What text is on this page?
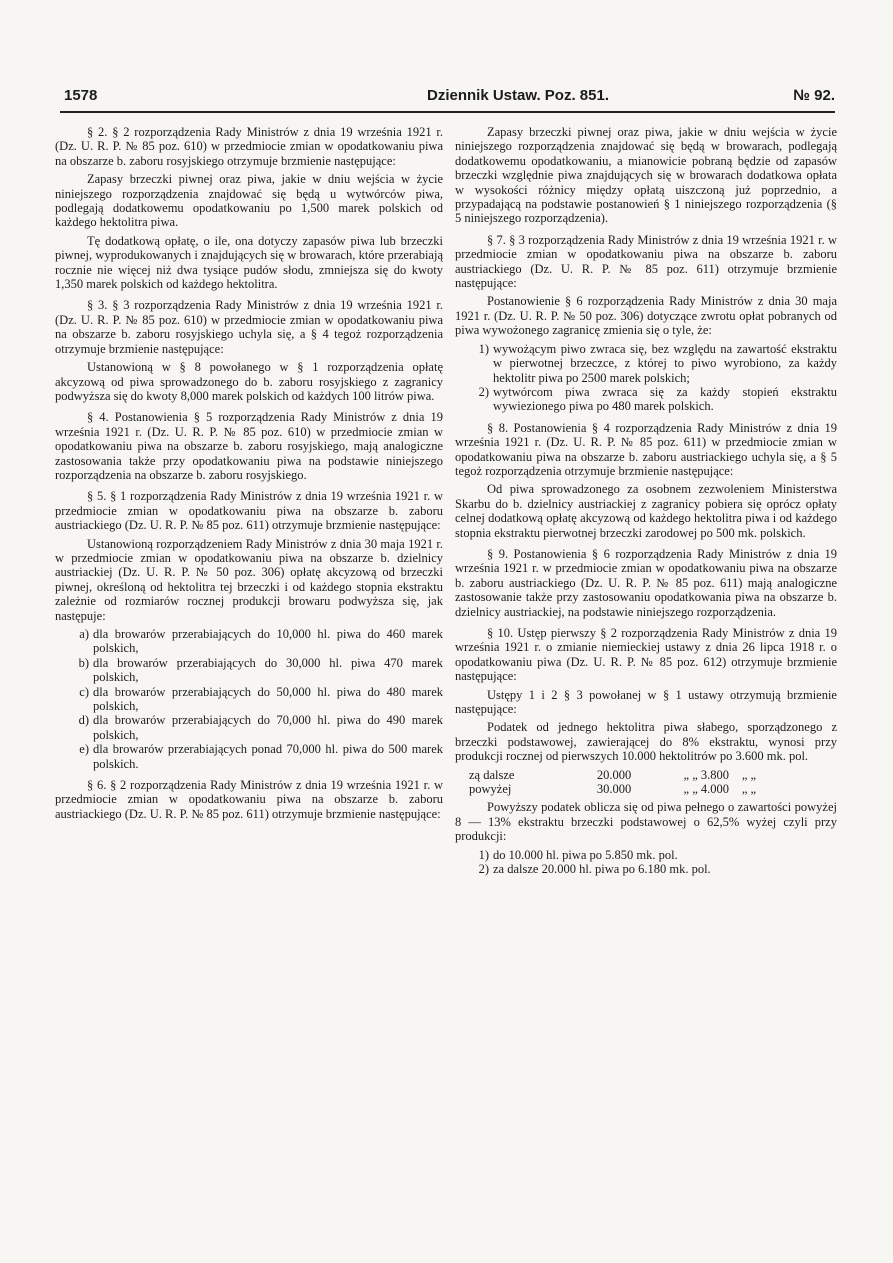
1578	Dziennik Ustaw. Poz. 851.	№ 92.

§ 2. § 2 rozporządzenia Rady Ministrów z dnia 19 września 1921 r. (Dz. U. R. P. № 85 poz. 610) w przedmiocie zmian w opodatkowaniu piwa na obszarze b. zaboru rosyjskiego otrzymuje brzmienie następujące:

Zapasy brzeczki piwnej oraz piwa, jakie w dniu wejścia w życie niniejszego rozporządzenia znajdować się będą u wytwórców piwa, podlegają dodatkowemu opodatkowaniu po 1,500 marek polskich od każdego hektolitra piwa.

Tę dodatkową opłatę, o ile, ona dotyczy zapasów piwa lub brzeczki piwnej, wyprodukowanych i znajdujących się w browarach, które przerabiają rocznie nie więcej niż dwa tysiące pudów słodu, zmniejsza się do kwoty 1,350 marek polskich od każdego hektolitra.

§ 3. § 3 rozporządzenia Rady Ministrów z dnia 19 września 1921 r. (Dz. U. R. P. № 85 poz. 610) w przedmiocie zmian w opodatkowaniu piwa na obszarze b. zaboru rosyjskiego uchyla się, a § 4 tegoż rozporządzenia otrzymuje brzmienie następujące:

Ustanowioną w § 8 powołanego w § 1 rozporządzenia opłatę akcyzową od piwa sprowadzonego do b. zaboru rosyjskiego z zagranicy podwyższa się do kwoty 8,000 marek polskich od każdych 100 litrów piwa.

§ 4. Postanowienia § 5 rozporządzenia Rady Ministrów z dnia 19 września 1921 r. (Dz. U. R. P. № 85 poz. 610) w przedmiocie zmian w opodatkowaniu piwa na obszarze b. zaboru rosyjskiego, mają analogiczne zastosowania także przy opodatkowaniu piwa na podstawie niniejszego rozporządzenia na obszarze b. zaboru rosyjskiego.

§ 5. § 1 rozporządzenia Rady Ministrów z dnia 19 września 1921 r. w przedmiocie zmian w opodatkowaniu piwa na obszarze b. zaboru austriackiego (Dz. U. R. P. № 85 poz. 611) otrzymuje brzmienie następujące:

Ustanowioną rozporządzeniem Rady Ministrów z dnia 30 maja 1921 r. w przedmiocie zmian w opodatkowaniu piwa na obszarze b. dzielnicy austriackiej (Dz. U. R. P. № 50 poz. 306) opłatę akcyzową od brzeczki piwnej, określoną od hektolitra tej brzeczki i od każdego stopnia ekstraktu zależnie od rozmiarów rocznej produkcji browaru podwyższa się, jak następuje:

a) dla browarów przerabiających do 10,000 hl. piwa do 460 marek polskich,
b) dla browarów przerabiających do 30,000 hl. piwa 470 marek polskich,
c) dla browarów przerabiających do 50,000 hl. piwa do 480 marek polskich,
d) dla browarów przerabiających do 70,000 hl. piwa do 490 marek polskich,
e) dla browarów przerabiających ponad 70,000 hl. piwa do 500 marek polskich.

§ 6. § 2 rozporządzenia Rady Ministrów z dnia 19 września 1921 r. w przedmiocie zmian w opodatkowaniu piwa na obszarze b. zaboru austriackiego (Dz. U. R. P. № 85 poz. 611) otrzymuje brzmienie następujące:

Zapasy brzeczki piwnej oraz piwa, jakie w dniu wejścia w życie niniejszego rozporządzenia znajdować się będą w browarach, podlegają dodatkowemu opodatkowaniu, a mianowicie pobraną będzie od zapasów brzeczki względnie piwa znajdujących się w browarach dodatkowa opłata w wysokości różnicy między opłatą uiszczoną już poprzednio, a przypadającą na podstawie postanowień § 1 niniejszego rozporządzenia (§ 5 niniejszego rozporządzenia).

§ 7. § 3 rozporządzenia Rady Ministrów z dnia 19 września 1921 r. w przedmiocie zmian w opodatkowaniu piwa na obszarze b. zaboru austriackiego (Dz. U. R. P. № 85 poz. 611) otrzymuje brzmienie następujące:

Postanowienie § 6 rozporządzenia Rady Ministrów z dnia 30 maja 1921 r. (Dz. U. R. P. № 50 poz. 306) dotyczące zwrotu opłat pobranych od piwa wywożonego zagranicę zmienia się o tyle, że:

1) wywożącym piwo zwraca się, bez względu na zawartość ekstraktu w pierwotnej brzeczce, z której to piwo wyrobiono, za każdy hektolitr piwa po 2500 marek polskich;
2) wytwórcom piwa zwraca się za każdy stopień ekstraktu wywiezionego piwa po 480 marek polskich.

§ 8. Postanowienia § 4 rozporządzenia Rady Ministrów z dnia 19 września 1921 r. (Dz. U. R. P. № 85 poz. 611) w przedmiocie zmian w opodatkowaniu piwa na obszarze b. zaboru austriackiego uchyla się, a § 5 tegoż rozporządzenia otrzymuje brzmienie następujące:

Od piwa sprowadzonego za osobnem zezwoleniem Ministerstwa Skarbu do b. dzielnicy austriackiej z zagranicy pobiera się oprócz opłaty celnej dodatkową opłatę akcyzową od każdego hektolitra piwa i od każdego stopnia ekstraktu pierwotnej brzeczki zarodowej po 500 mk. polskich.

§ 9. Postanowienia § 6 rozporządzenia Rady Ministrów z dnia 19 września 1921 r. w przedmiocie zmian w opodatkowaniu piwa na obszarze b. zaboru austriackiego (Dz. U. R. P. № 85 poz. 611) mają analogiczne zastosowanie także przy zastosowaniu opodatkowania piwa na obszarze b. dzielnicy austriackiej, na podstawie niniejszego rozporządzenia.

§ 10. Ustęp pierwszy § 2 rozporządzenia Rady Ministrów z dnia 19 września 1921 r. o zmianie niemieckiej ustawy z dnia 26 lipca 1918 r. o opodatkowaniu piwa (Dz. U. R. P. № 85 poz. 612) otrzymuje brzmienie następujące:

Ustępy 1 i 2 § 3 powołanej w § 1 ustawy otrzymują brzmienie następujące:

Podatek od jednego hektolitra piwa słabego, sporządzonego z brzeczki podstawowej, zawierającej do 8% ekstraktu, wynosi przy produkcji rocznej od pierwszych 10.000 hektolitrów po 3.600 mk. pol.

zą dalsze	20.000	„ „ 3.800	„ „
powyżej	30.000	„ „ 4.000	„ „

Powyższy podatek oblicza się od piwa pełnego o zawartości powyżej 8 — 13% ekstraktu brzeczki podstawowej o 62,5% wyżej czyli przy produkcji:

1) do 10.000 hl. piwa po 5.850 mk. pol.
2) za dalsze 20.000 hl. piwa po 6.180 mk. pol.
